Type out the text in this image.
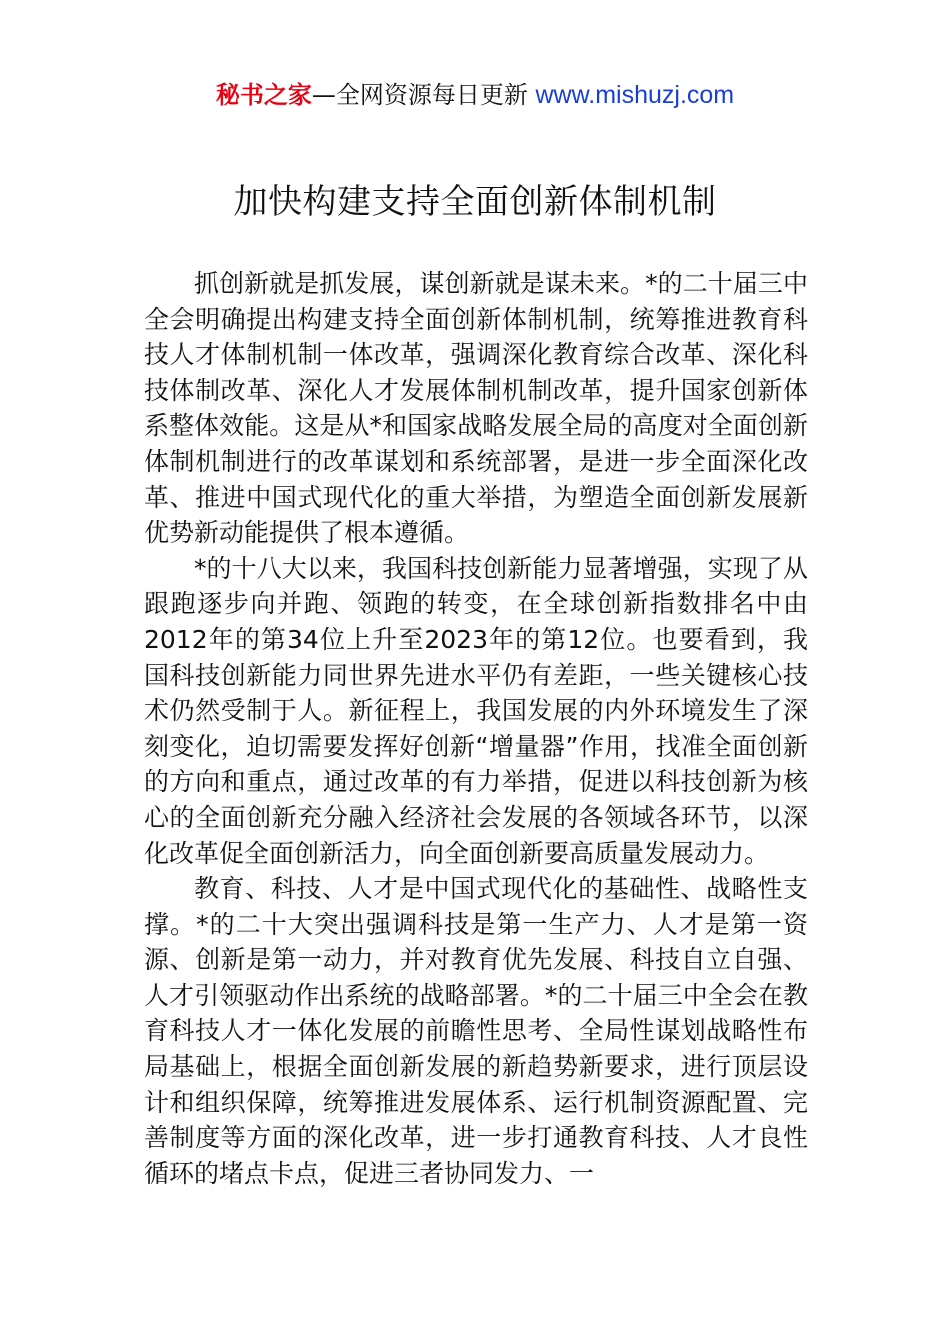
秘书之家—全网资源每日更新 www.mishuzj.com
加快构建支持全面创新体制机制

抓创新就是抓发展，谋创新就是谋未来。*的二十届三中全会明确提出构建支持全面创新体制机制，统筹推进教育科技人才体制机制一体改革，强调深化教育综合改革、深化科技体制改革、深化人才发展体制机制改革，提升国家创新体系整体效能。这是从*和国家战略发展全局的高度对全面创新体制机制进行的改革谋划和系统部署，是进一步全面深化改革、推进中国式现代化的重大举措，为塑造全面创新发展新优势新动能提供了根本遵循。

*的十八大以来，我国科技创新能力显著增强，实现了从跟跑逐步向并跑、领跑的转变，在全球创新指数排名中由2012年的第34位上升至2023年的第12位。也要看到，我国科技创新能力同世界先进水平仍有差距，一些关键核心技术仍然受制于人。新征程上，我国发展的内外环境发生了深刻变化，迫切需要发挥好创新“增量器”作用，找准全面创新的方向和重点，通过改革的有力举措，促进以科技创新为核心的全面创新充分融入经济社会发展的各领域各环节，以深化改革促全面创新活力，向全面创新要高质量发展动力。

教育、科技、人才是中国式现代化的基础性、战略性支撑。*的二十大突出强调科技是第一生产力、人才是第一资源、创新是第一动力，并对教育优先发展、科技自立自强、人才引领驱动作出系统的战略部署。*的二十届三中全会在教育科技人才一体化发展的前瞻性思考、全局性谋划战略性布局基础上，根据全面创新发展的新趋势新要求，进行顶层设计和组织保障，统筹推进发展体系、运行机制资源配置、完善制度等方面的深化改革，进一步打通教育科技、人才良性循环的堵点卡点，促进三者协同发力、一
